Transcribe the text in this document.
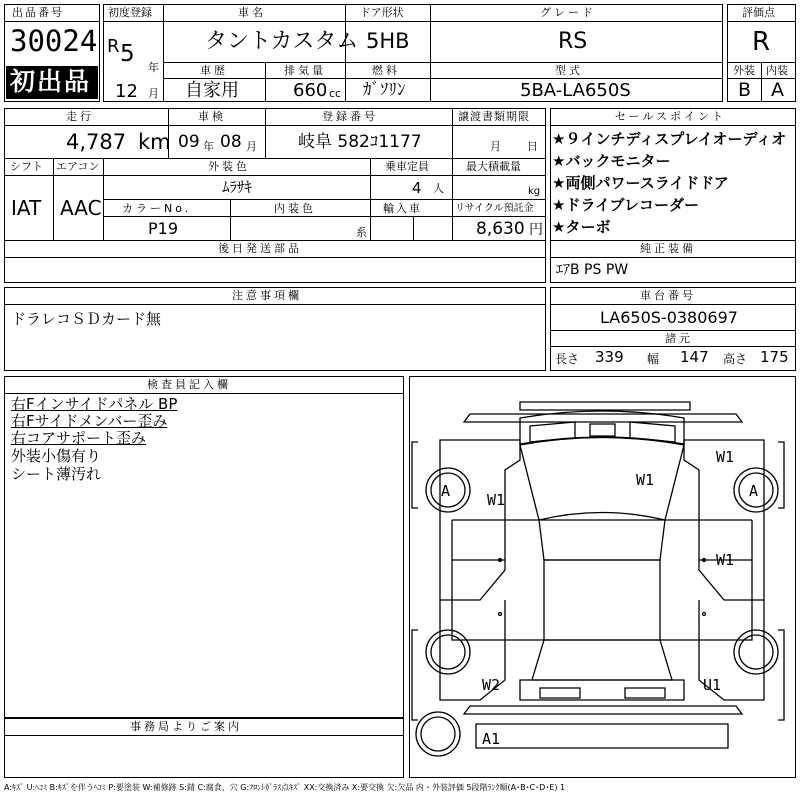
出品番号
30024
初出品
初度登録
R 5
年
12 月
車名
タントカスタム
ドア形状
5HB
グレード
RS
車歴
自家用
排気量
660 cc
燃料
ｶﾞｿﾘﾝ
型式
5BA-LA650S
評価点
R
外装 内装
B A
走行
4,787 km
車検
09 年 08 月
登録番号
岐阜 582ｺ1177
譲渡書類期限
月 日
シフト
IAT
エアコン
AAC
外装色
ﾑﾗｻｷ
乗車定員
4 人
最大積載量
kg
カラーNo.
P19
内装色
系
輸入車	リサイクル預託金
8,630 円
後日発送部品
セールスポイント
★９インチディスプレイオーディオ
★バックモニター
★両側パワースライドドア
★ドライブレコーダー
★ターボ
純正装備
ｴｱB PS PW
注意事項欄
ドラレコＳＤカード無
車台番号
LA650S-0380697
諸元
長さ 339 幅 147 高さ 175
検査員記入欄
右Fインサイドパネル BP
右Fサイドメンバー歪み
右コアサポート歪み
外装小傷有り
シート薄汚れ
事務局よりご案内
A	A
W1
W1
W1
W1
W2	U1
A1
A:ｷｽﾞ U:ﾍｺﾐ B:ｷｽﾞを伴うﾍｺﾐ P:要塗装 W:補修跡 S:錆 C:腐食、穴 G:ﾌﾛﾝﾄｶﾞﾗｽ点ｷｽﾞ XX:交換済み X:要交換 欠:欠品 内・外装評価 5段階ﾗﾝｸ順(A･B･C･D･E) 1
